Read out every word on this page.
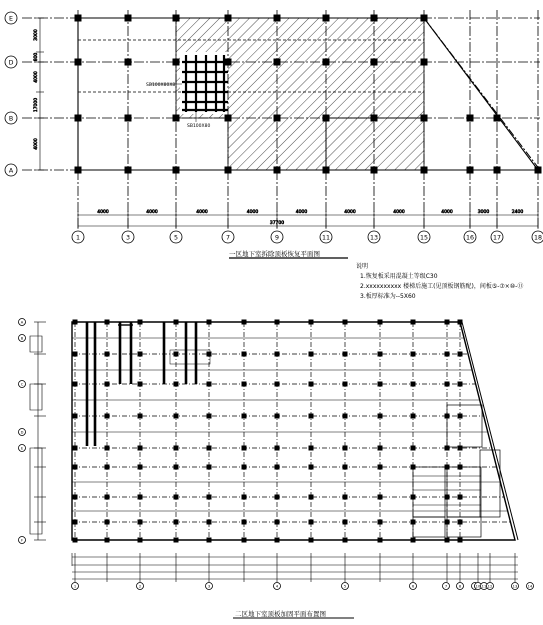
3000
800
4000
17000
4000
4000	4000	4000	4000	4000	4000	4000	4000	3000	2400
37700
1	3	5	7	9	11	13	15	16	17	18
E
D
B
A
SB100X80X8
SB100X80
A
B
C
D
E
F
1	2	3	4	5	6	7	8	10 11 12	13	14
一区地下室拆除顶板恢复平面图
说明
1.恢复板采用混凝土等级C30
2.xxxxxxxxxx 楼梯后施工(见顶板钢筋配)，间板⑤-⑦×⑩-⑪
3.板厚标准为--5X60
二区地下室顶板加固平面布置图
